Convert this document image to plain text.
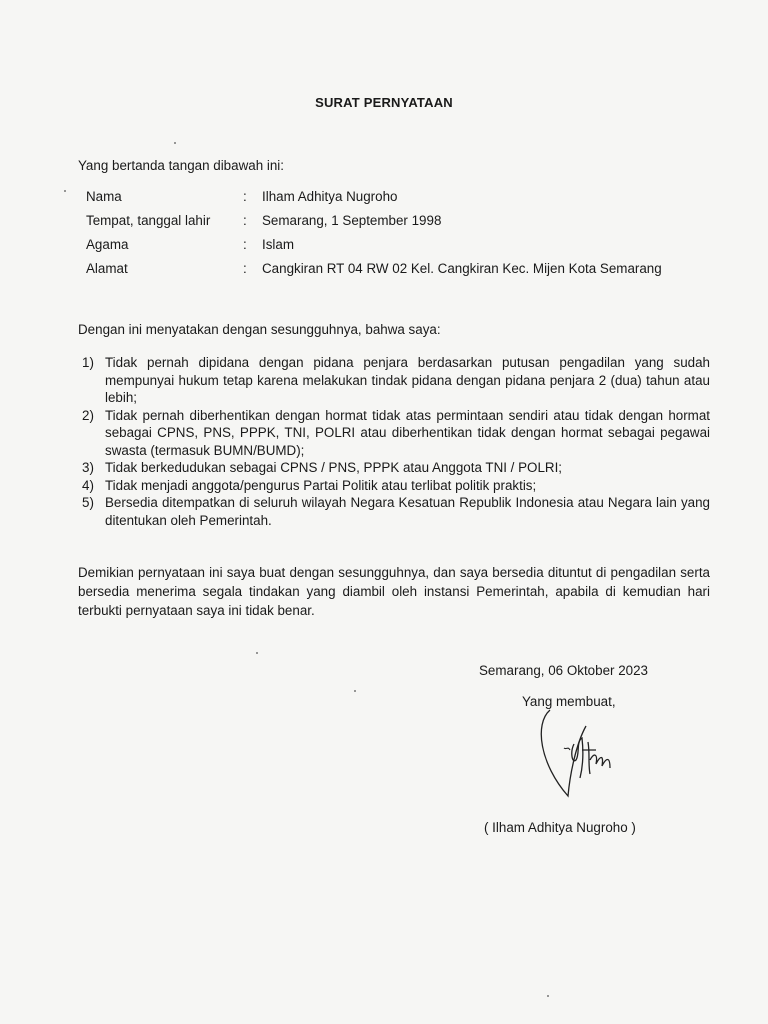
SURAT PERNYATAAN
Yang bertanda tangan dibawah ini:
Nama	: Ilham Adhitya Nugroho
Tempat, tanggal lahir : Semarang, 1 September 1998
Agama	: Islam
Alamat	: Cangkiran RT 04 RW 02 Kel. Cangkiran Kec. Mijen Kota Semarang
Dengan ini menyatakan dengan sesungguhnya, bahwa saya:
1) Tidak pernah dipidana dengan pidana penjara berdasarkan putusan pengadilan yang sudah mempunyai hukum tetap karena melakukan tindak pidana dengan pidana penjara 2 (dua) tahun atau lebih;
2) Tidak pernah diberhentikan dengan hormat tidak atas permintaan sendiri atau tidak dengan hormat sebagai CPNS, PNS, PPPK, TNI, POLRI atau diberhentikan tidak dengan hormat sebagai pegawai swasta (termasuk BUMN/BUMD);
3) Tidak berkedudukan sebagai CPNS / PNS, PPPK atau Anggota TNI / POLRI;
4) Tidak menjadi anggota/pengurus Partai Politik atau terlibat politik praktis;
5) Bersedia ditempatkan di seluruh wilayah Negara Kesatuan Republik Indonesia atau Negara lain yang ditentukan oleh Pemerintah.
Demikian pernyataan ini saya buat dengan sesungguhnya, dan saya bersedia dituntut di pengadilan serta bersedia menerima segala tindakan yang diambil oleh instansi Pemerintah, apabila di kemudian hari terbukti pernyataan saya ini tidak benar.
Semarang, 06 Oktober 2023
Yang membuat,
( Ilham Adhitya Nugroho )
